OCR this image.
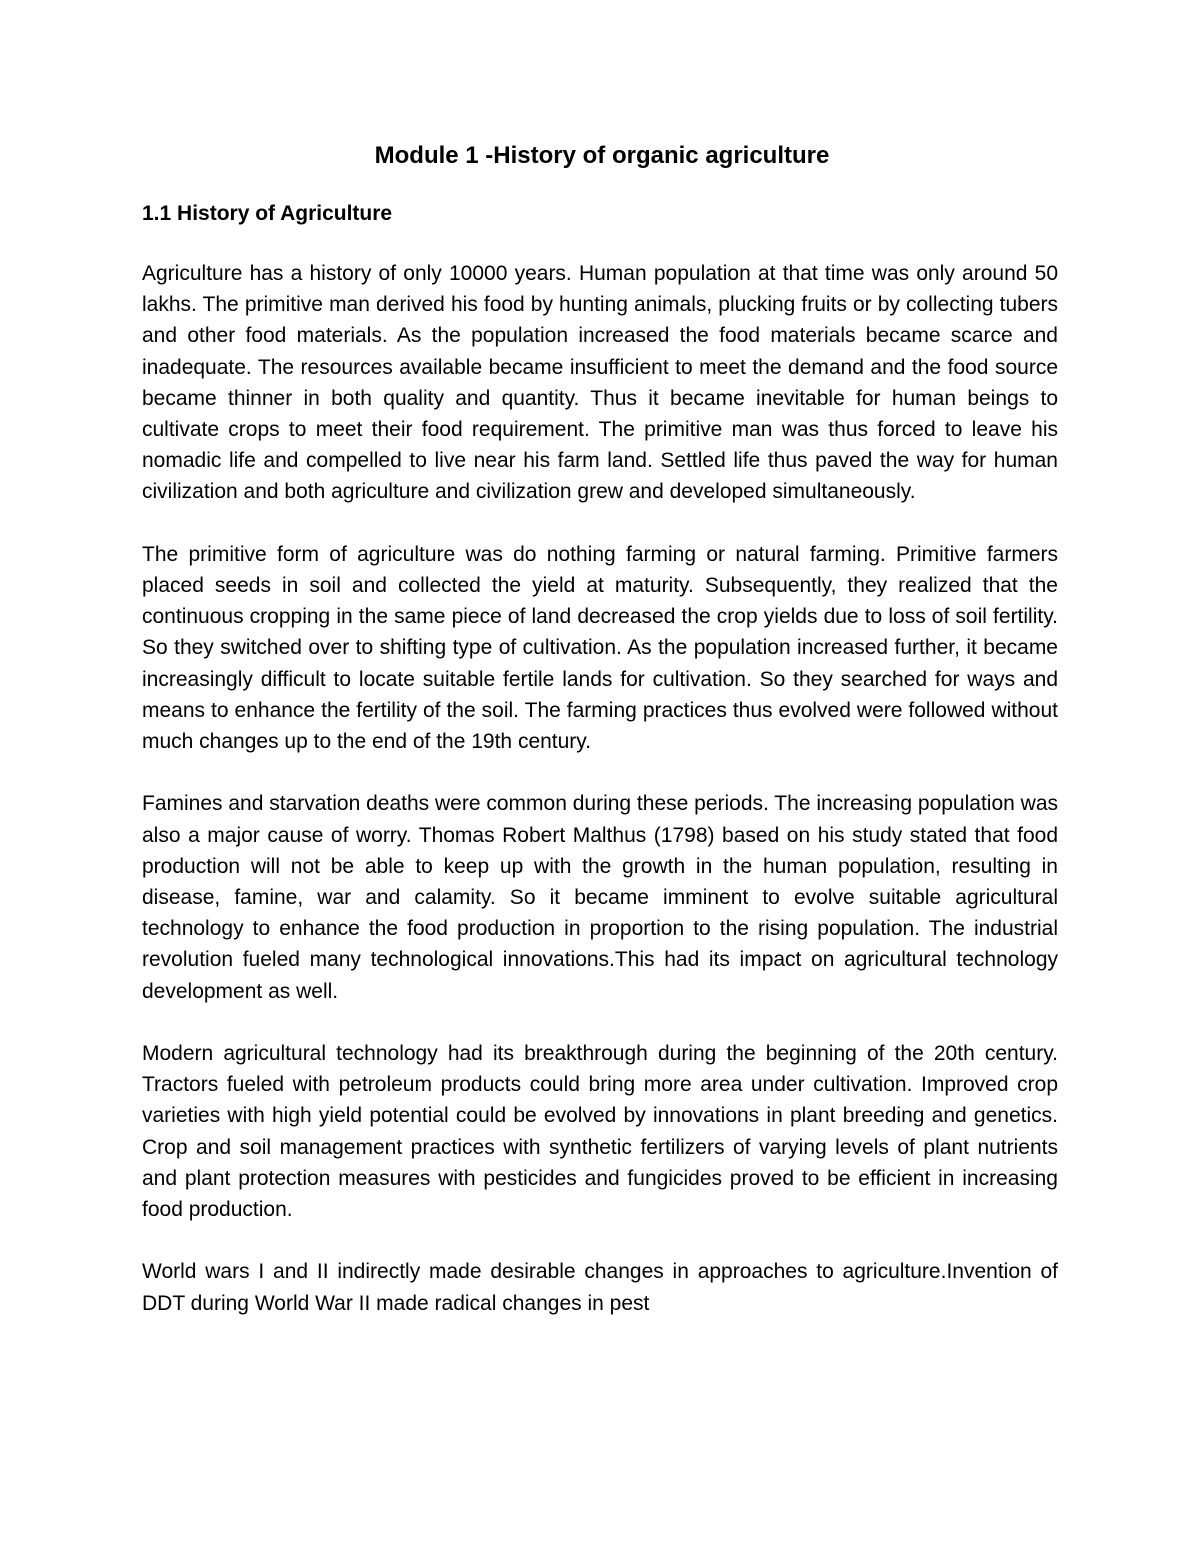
Module 1 -History of organic agriculture
1.1 History of Agriculture

Agriculture has a history of only 10000 years. Human population at that time was only around 50 lakhs. The primitive man derived his food by hunting animals, plucking fruits or by collecting tubers and other food materials. As the population increased the food materials became scarce and inadequate. The resources available became insufficient to meet the demand and the food source became thinner in both quality and quantity. Thus it became inevitable for human beings to cultivate crops to meet their food requirement. The primitive man was thus forced to leave his nomadic life and compelled to live near his farm land. Settled life thus paved the way for human civilization and both agriculture and civilization grew and developed simultaneously.

The primitive form of agriculture was do nothing farming or natural farming. Primitive farmers placed seeds in soil and collected the yield at maturity. Subsequently, they realized that the continuous cropping in the same piece of land decreased the crop yields due to loss of soil fertility. So they switched over to shifting type of cultivation. As the population increased further, it became increasingly difficult to locate suitable fertile lands for cultivation. So they searched for ways and means to enhance the fertility of the soil. The farming practices thus evolved were followed without much changes up to the end of the 19th century.

Famines and starvation deaths were common during these periods. The increasing population was also a major cause of worry. Thomas Robert Malthus (1798) based on his study stated that food production will not be able to keep up with the growth in the human population, resulting in disease, famine, war and calamity. So it became imminent to evolve suitable agricultural technology to enhance the food production in proportion to the rising population. The industrial revolution fueled many technological innovations.This had its impact on agricultural technology development as well.

Modern agricultural technology had its breakthrough during the beginning of the 20th century. Tractors fueled with petroleum products could bring more area under cultivation. Improved crop varieties with high yield potential could be evolved by innovations in plant breeding and genetics. Crop and soil management practices with synthetic fertilizers of varying levels of plant nutrients and plant protection measures with pesticides and fungicides proved to be efficient in increasing food production.

World wars I and II indirectly made desirable changes in approaches to agriculture.Invention of DDT during World War II made radical changes in pest
